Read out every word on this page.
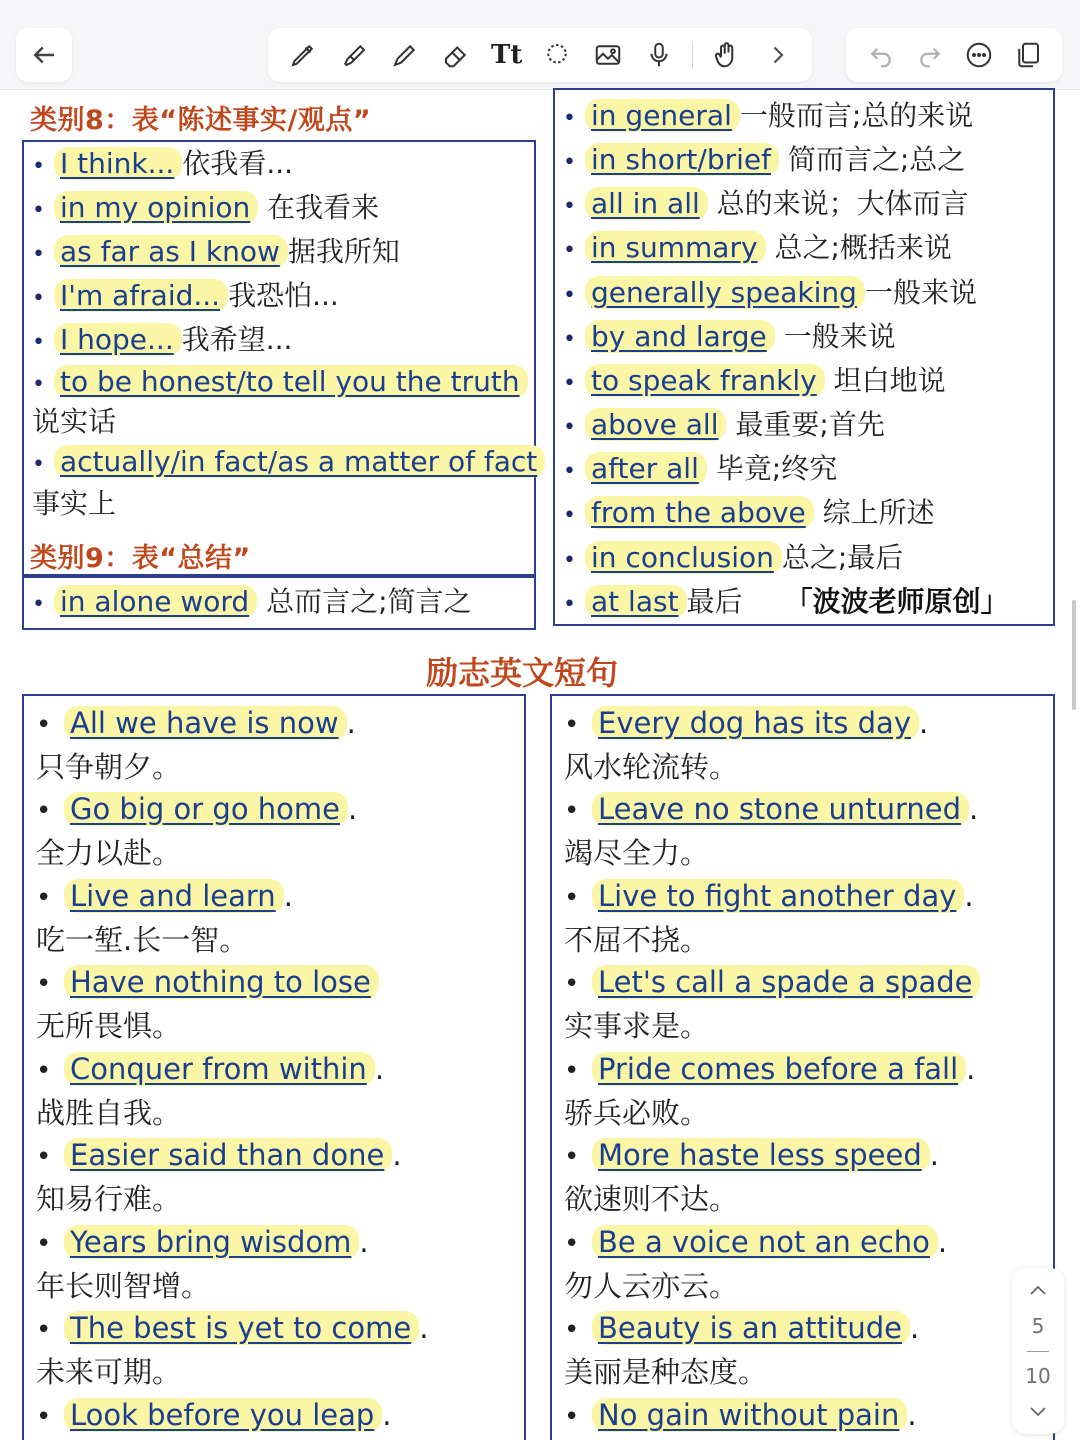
Tt
类别8：表“陈述事实/观点”
• I think... 依我看...
• in my opinion 在我看来
• as far as I know 据我所知
• I'm afraid... 我恐怕...
• I hope... 我希望...
• to be honest/to tell you the truth
说实话
• actually/in fact/as a matter of fact
事实上
类别9：表“总结”
• in alone word 总而言之;简言之
• in general 一般而言;总的来说
• in short/brief 简而言之;总之
• all in all 总的来说；大体而言
• in summary 总之;概括来说
• generally speaking 一般来说
• by and large 一般来说
• to speak frankly 坦白地说
• above all 最重要;首先
• after all 毕竟;终究
• from the above 综上所述
• in conclusion 总之;最后
• at last 最后 「波波老师原创」
励志英文短句
• All we have is now .
只争朝夕。
• Go big or go home .
全力以赴。
• Live and learn .
吃一堑.长一智。
• Have nothing to lose
无所畏惧。
• Conquer from within .
战胜自我。
• Easier said than done .
知易行难。
• Years bring wisdom .
年长则智增。
• The best is yet to come .
未来可期。
• Look before you leap .
• Every dog has its day .
风水轮流转。
• Leave no stone unturned .
竭尽全力。
• Live to fight another day .
不屈不挠。
• Let's call a spade a spade
实事求是。
• Pride comes before a fall .
骄兵必败。
• More haste less speed .
欲速则不达。
• Be a voice not an echo .
勿人云亦云。
• Beauty is an attitude .
美丽是种态度。
• No gain without pain .
5
10
